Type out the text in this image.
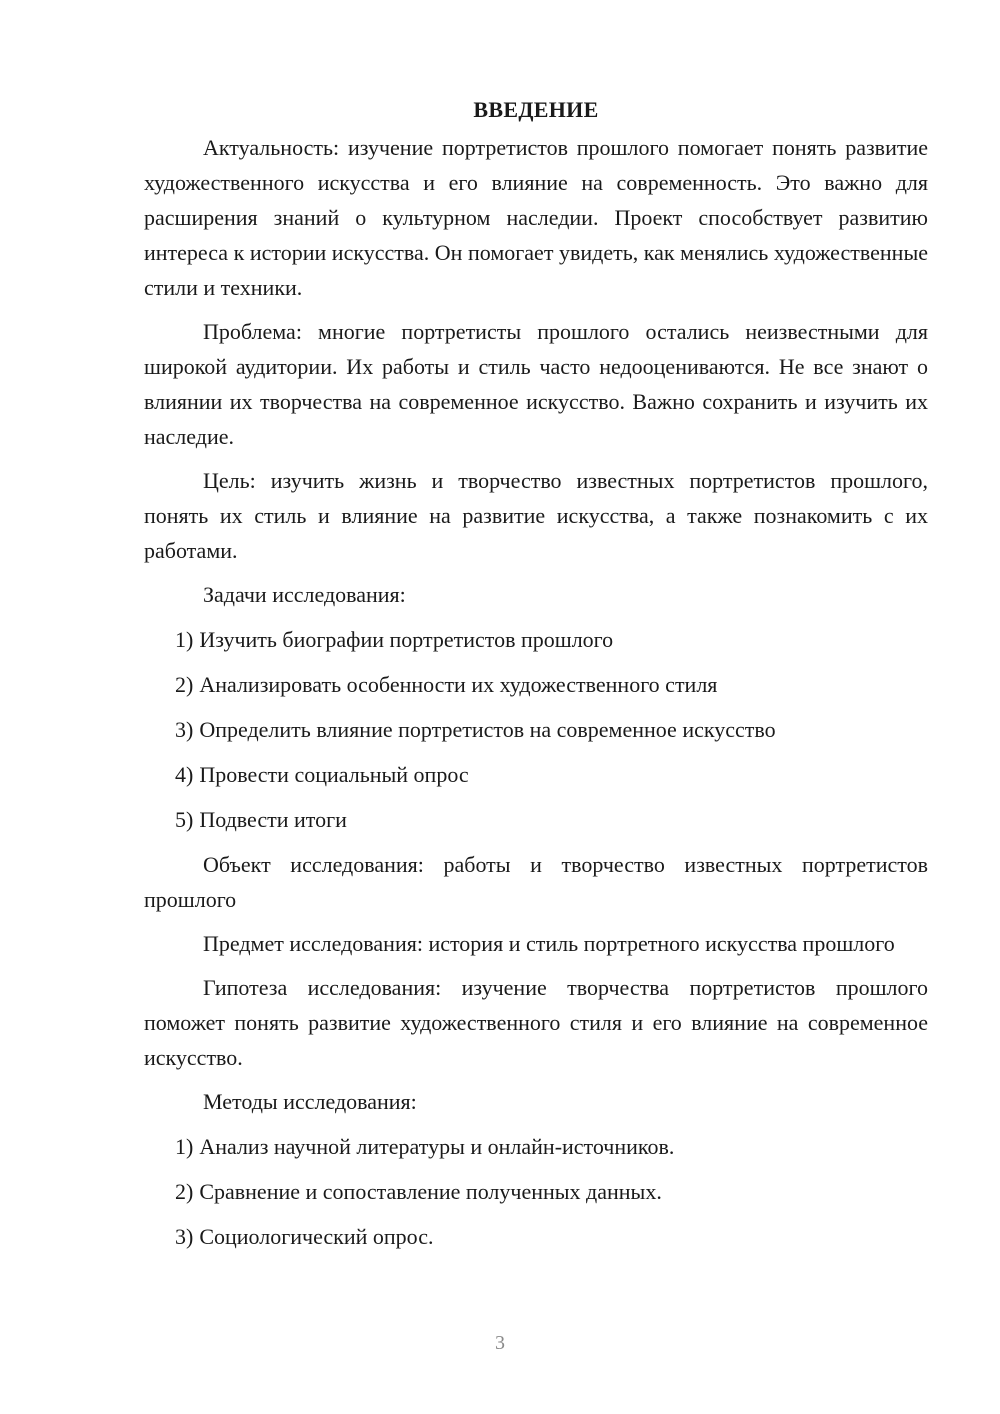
ВВЕДЕНИЕ

Актуальность: изучение портретистов прошлого помогает понять развитие художественного искусства и его влияние на современность. Это важно для расширения знаний о культурном наследии. Проект способствует развитию интереса к истории искусства. Он помогает увидеть, как менялись художественные стили и техники.

Проблема: многие портретисты прошлого остались неизвестными для широкой аудитории. Их работы и стиль часто недооцениваются. Не все знают о влиянии их творчества на современное искусство. Важно сохранить и изучить их наследие.

Цель: изучить жизнь и творчество известных портретистов прошлого, понять их стиль и влияние на развитие искусства, а также познакомить с их работами.

Задачи исследования:

1) Изучить биографии портретистов прошлого
2) Анализировать особенности их художественного стиля
3) Определить влияние портретистов на современное искусство
4) Провести социальный опрос
5) Подвести итоги

Объект исследования: работы и творчество известных портретистов прошлого

Предмет исследования: история и стиль портретного искусства прошлого

Гипотеза исследования: изучение творчества портретистов прошлого поможет понять развитие художественного стиля и его влияние на современное искусство.

Методы исследования:

1) Анализ научной литературы и онлайн-источников.
2) Сравнение и сопоставление полученных данных.
3) Социологический опрос.
3
